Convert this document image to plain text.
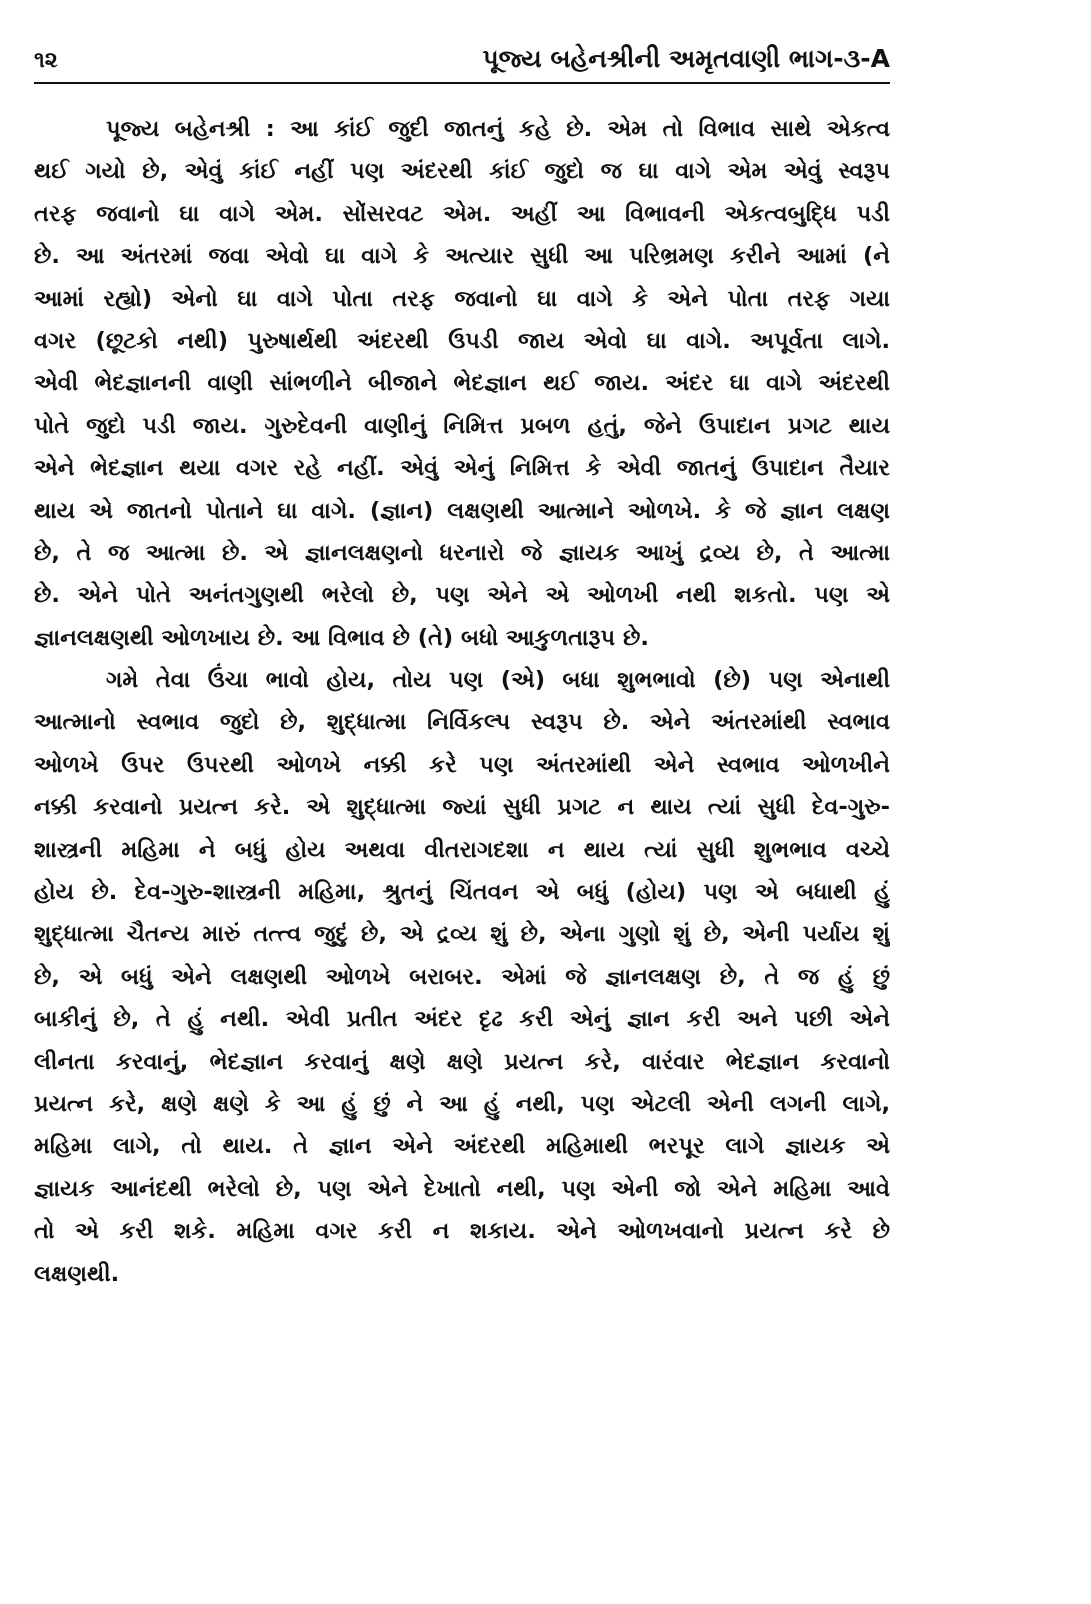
૧૨	પૂજ્ય બહેનશ્રીની અમૃતવાણી ભાગ-૩-A
પૂજ્ય બહેનશ્રી : આ કાંઈ જુદી જાતનું કહે છે. એમ તો વિભાવ સાથે એકત્વ
થઈ ગયો છે, એવું કાંઈ નહીં પણ અંદરથી કાંઈ જુદો જ ઘા વાગે એમ એવું સ્વરૂપ
તરફ જવાનો ઘા વાગે એમ. સોંસરવટ એમ. અહીં આ વિભાવની એકત્વબુદ્ધિ પડી
છે. આ અંતરમાં જવા એવો ઘા વાગે કે અત્યાર સુધી આ પરિભ્રમણ કરીને આમાં (ને
આમાં રહ્યો) એનો ઘા વાગે પોતા તરફ જવાનો ઘા વાગે કે એને પોતા તરફ ગયા
વગર (છૂટકો નથી) પુરુષાર્થથી અંદરથી ઉપડી જાય એવો ઘા વાગે. અપૂર્વતા લાગે.
એવી ભેદજ્ઞાનની વાણી સાંભળીને બીજાને ભેદજ્ઞાન થઈ જાય. અંદર ઘા વાગે અંદરથી
પોતે જુદો પડી જાય. ગુરુદેવની વાણીનું નિમિત્ત પ્રબળ હતું, જેને ઉપાદાન પ્રગટ થાય
એને ભેદજ્ઞાન થયા વગર રહે નહીં. એવું એનું નિમિત્ત કે એવી જાતનું ઉપાદાન તૈયાર
થાય એ જાતનો પોતાને ઘા વાગે. (જ્ઞાન) લક્ષણથી આત્માને ઓળખે. કે જે જ્ઞાન લક્ષણ
છે, તે જ આત્મા છે. એ જ્ઞાનલક્ષણનો ધરનારો જે જ્ઞાયક આખું દ્રવ્ય છે, તે આત્મા
છે. એને પોતે અનંતગુણથી ભરેલો છે, પણ એને એ ઓળખી નથી શકતો. પણ એ
જ્ઞાનલક્ષણથી ઓળખાય છે. આ વિભાવ છે (તે) બધો આકુળતારૂપ છે.
ગમે તેવા ઉંચા ભાવો હોય, તોય પણ (એ) બધા શુભભાવો (છે) પણ એનાથી
આત્માનો સ્વભાવ જુદો છે, શુદ્ધાત્મા નિર્વિકલ્પ સ્વરૂપ છે. એને અંતરમાંથી સ્વભાવ
ઓળખે ઉપર ઉપરથી ઓળખે નક્કી કરે પણ અંતરમાંથી એને સ્વભાવ ઓળખીને
નક્કી કરવાનો પ્રયત્ન કરે. એ શુદ્ધાત્મા જ્યાં સુધી પ્રગટ ન થાય ત્યાં સુધી દેવ-ગુરુ-
શાસ્ત્રની મહિમા ને બધું હોય અથવા વીતરાગદશા ન થાય ત્યાં સુધી શુભભાવ વચ્ચે
હોય છે. દેવ-ગુરુ-શાસ્ત્રની મહિમા, શ્રુતનું ચિંતવન એ બધું (હોય) પણ એ બધાથી હું
શુદ્ધાત્મા ચૈતન્ય મારું તત્ત્વ જુદું છે, એ દ્રવ્ય શું છે, એના ગુણો શું છે, એની પર્યાય શું
છે, એ બધું એને લક્ષણથી ઓળખે બરાબર. એમાં જે જ્ઞાનલક્ષણ છે, તે જ હું છું
બાકીનું છે, તે હું નથી. એવી પ્રતીત અંદર દૃઢ કરી એનું જ્ઞાન કરી અને પછી એને
લીનતા કરવાનું, ભેદજ્ઞાન કરવાનું ક્ષણે ક્ષણે પ્રયત્ન કરે, વારંવાર ભેદજ્ઞાન કરવાનો
પ્રયત્ન કરે, ક્ષણે ક્ષણે કે આ હું છું ને આ હું નથી, પણ એટલી એની લગની લાગે,
મહિમા લાગે, તો થાય. તે જ્ઞાન એને અંદરથી મહિમાથી ભરપૂર લાગે જ્ઞાયક એ
જ્ઞાયક આનંદથી ભરેલો છે, પણ એને દેખાતો નથી, પણ એની જો એને મહિમા આવે
તો એ કરી શકે. મહિમા વગર કરી ન શકાય. એને ઓળખવાનો પ્રયત્ન કરે છે
લક્ષણથી.
